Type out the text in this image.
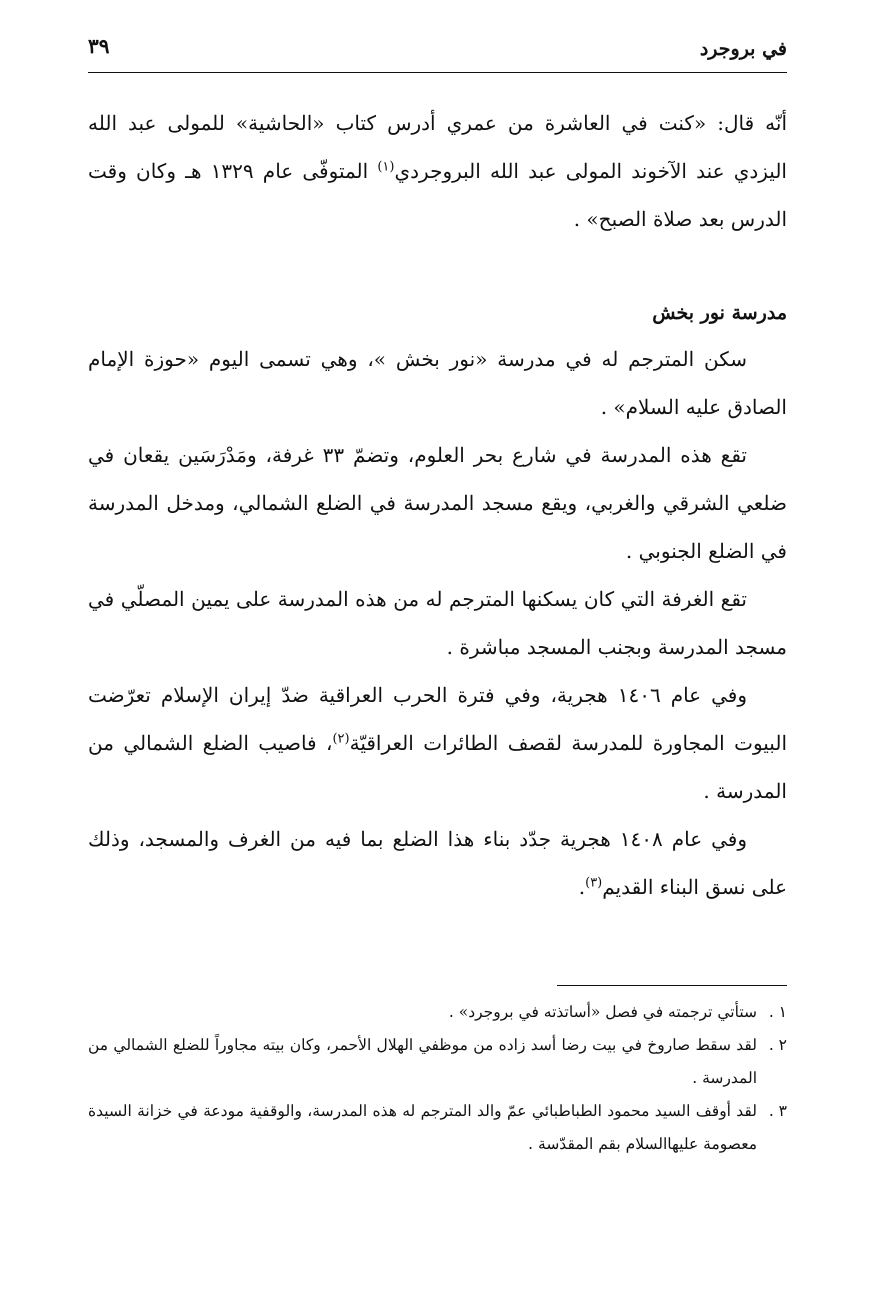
في بروجرد
٣٩

أنّه قال: «كنت في العاشرة من عمري أدرس كتاب «الحاشية» للمولى عبد الله اليزدي عند الآخوند المولى عبد الله البروجردي$^{(١)}$ المتوفّى عام ١٣٢٩ هـ وكان وقت الدرس بعد صلاة الصبح» .

مدرسة نور بخش

سكن المترجم له في مدرسة «نور بخش »، وهي تسمى اليوم «حوزة الإمام الصادق عليه السلام» .

تقع هذه المدرسة في شارع بحر العلوم، وتضمّ ٣٣ غرفة، ومَدْرَسَين يقعان في ضلعي الشرقي والغربي، ويقع مسجد المدرسة في الضلع الشمالي، ومدخل المدرسة في الضلع الجنوبي .

تقع الغرفة التي كان يسكنها المترجم له من هذه المدرسة على يمين المصلّي في مسجد المدرسة وبجنب المسجد مباشرة .

وفي عام ١٤٠٦ هجرية، وفي فترة الحرب العراقية ضدّ إيران الإسلام تعرّضت البيوت المجاورة للمدرسة لقصف الطائرات العراقيّة$^{(٢)}$، فاصيب الضلع الشمالي من المدرسة .

وفي عام ١٤٠٨ هجرية جدّد بناء هذا الضلع بما فيه من الغرف والمسجد، وذلك على نسق البناء القديم$^{(٣)}$.

١ .
ستأتي ترجمته في فصل «أساتذته في بروجرد» .
٢ .
لقد سقط صاروخ في بيت رضا أسد زاده من موظفي الهلال الأحمر، وكان بيته مجاوراً للضلع الشمالي من المدرسة .
٣ .
لقد أوقف السيد محمود الطباطبائي عمّ والد المترجم له هذه المدرسة، والوقفية مودعة في خزانة السيدة معصومة عليهاالسلام بقم المقدّسة .
